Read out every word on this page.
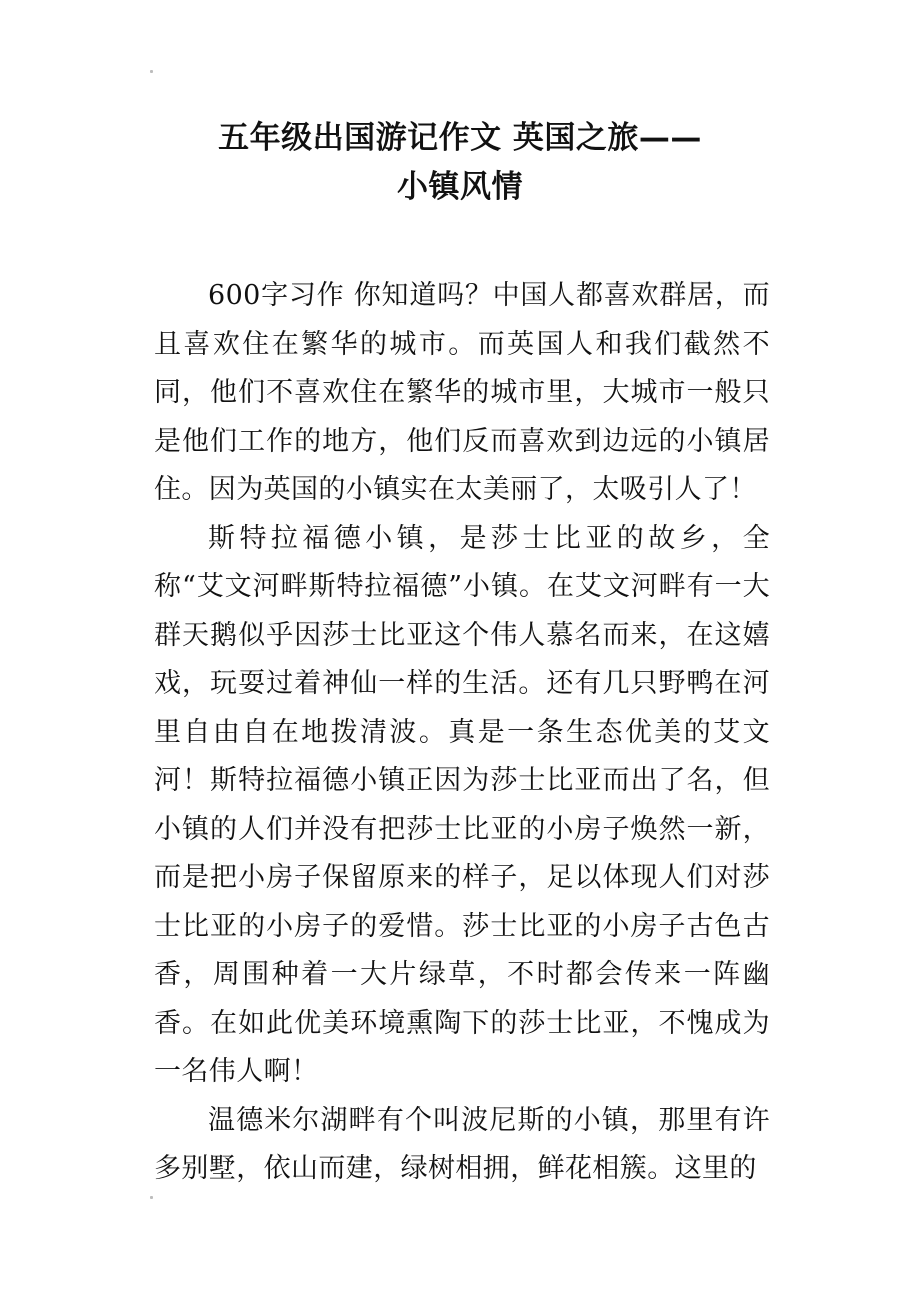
五年级出国游记作文 英国之旅——
小镇风情

600字习作 你知道吗？中国人都喜欢群居，而且喜欢住在繁华的城市。而英国人和我们截然不同，他们不喜欢住在繁华的城市里，大城市一般只是他们工作的地方，他们反而喜欢到边远的小镇居住。因为英国的小镇实在太美丽了，太吸引人了！

斯特拉福德小镇，是莎士比亚的故乡，全称“艾文河畔斯特拉福德”小镇。在艾文河畔有一大群天鹅似乎因莎士比亚这个伟人慕名而来，在这嬉戏，玩耍过着神仙一样的生活。还有几只野鸭在河里自由自在地拨清波。真是一条生态优美的艾文河！斯特拉福德小镇正因为莎士比亚而出了名，但小镇的人们并没有把莎士比亚的小房子焕然一新，而是把小房子保留原来的样子，足以体现人们对莎士比亚的小房子的爱惜。莎士比亚的小房子古色古香，周围种着一大片绿草，不时都会传来一阵幽香。在如此优美环境熏陶下的莎士比亚，不愧成为一名伟人啊！

温德米尔湖畔有个叫波尼斯的小镇，那里有许多别墅，依山而建，绿树相拥，鲜花相簇。这里的
